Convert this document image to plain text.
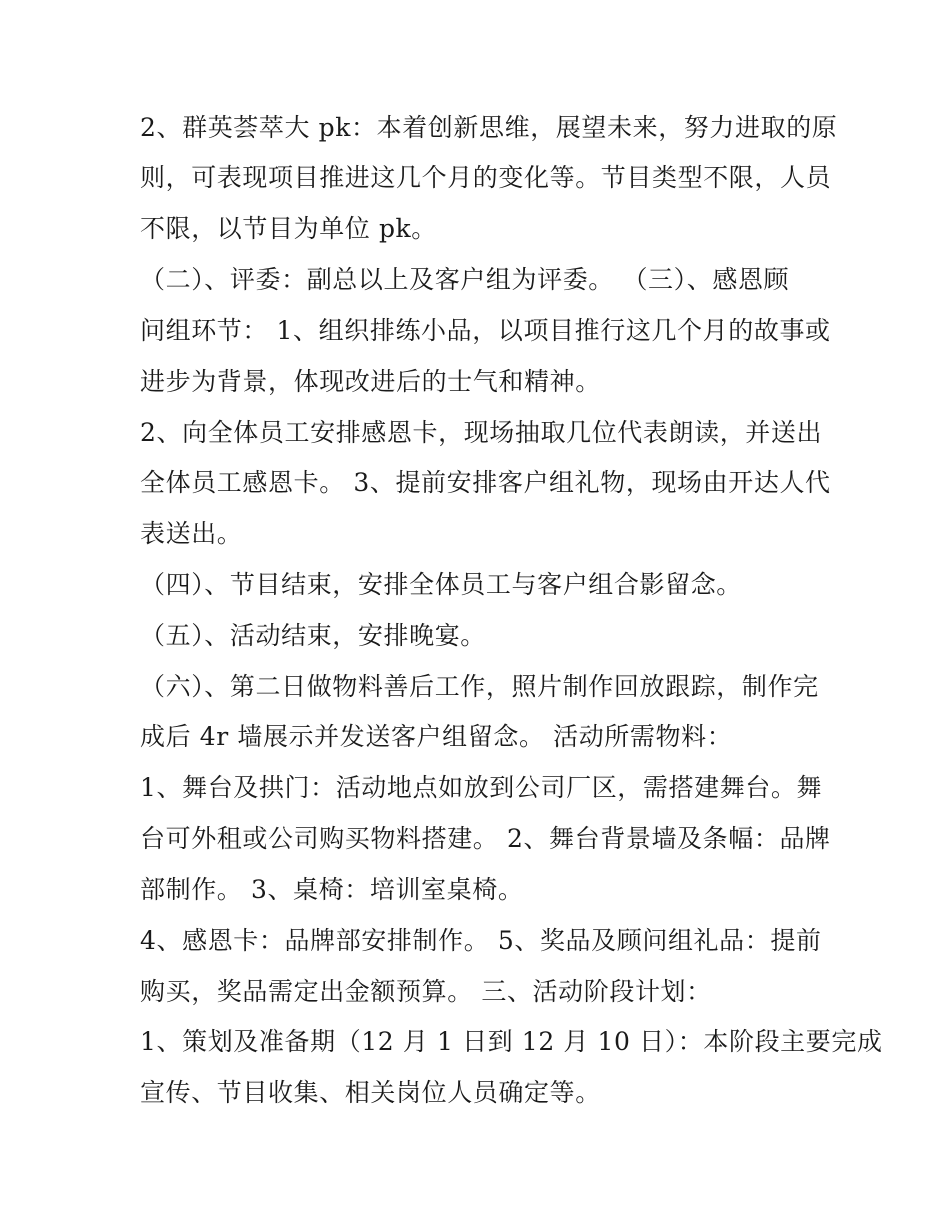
2、群英荟萃大 pk：本着创新思维，展望未来，努力进取的原
则，可表现项目推进这几个月的变化等。节目类型不限，人员
不限，以节目为单位 pk。
（二）、评委：副总以上及客户组为评委。 （三）、感恩顾
问组环节： 1、组织排练小品，以项目推行这几个月的故事或
进步为背景，体现改进后的士气和精神。
2、向全体员工安排感恩卡，现场抽取几位代表朗读，并送出
全体员工感恩卡。 3、提前安排客户组礼物，现场由开达人代
表送出。
（四）、节目结束，安排全体员工与客户组合影留念。
（五）、活动结束，安排晚宴。
（六）、第二日做物料善后工作，照片制作回放跟踪，制作完
成后 4r 墙展示并发送客户组留念。 活动所需物料：
1、舞台及拱门：活动地点如放到公司厂区，需搭建舞台。舞
台可外租或公司购买物料搭建。 2、舞台背景墙及条幅：品牌
部制作。 3、桌椅：培训室桌椅。
4、感恩卡：品牌部安排制作。 5、奖品及顾问组礼品：提前
购买，奖品需定出金额预算。 三、活动阶段计划：
1、策划及准备期（12 月 1 日到 12 月 10 日）：本阶段主要完成
宣传、节目收集、相关岗位人员确定等。
